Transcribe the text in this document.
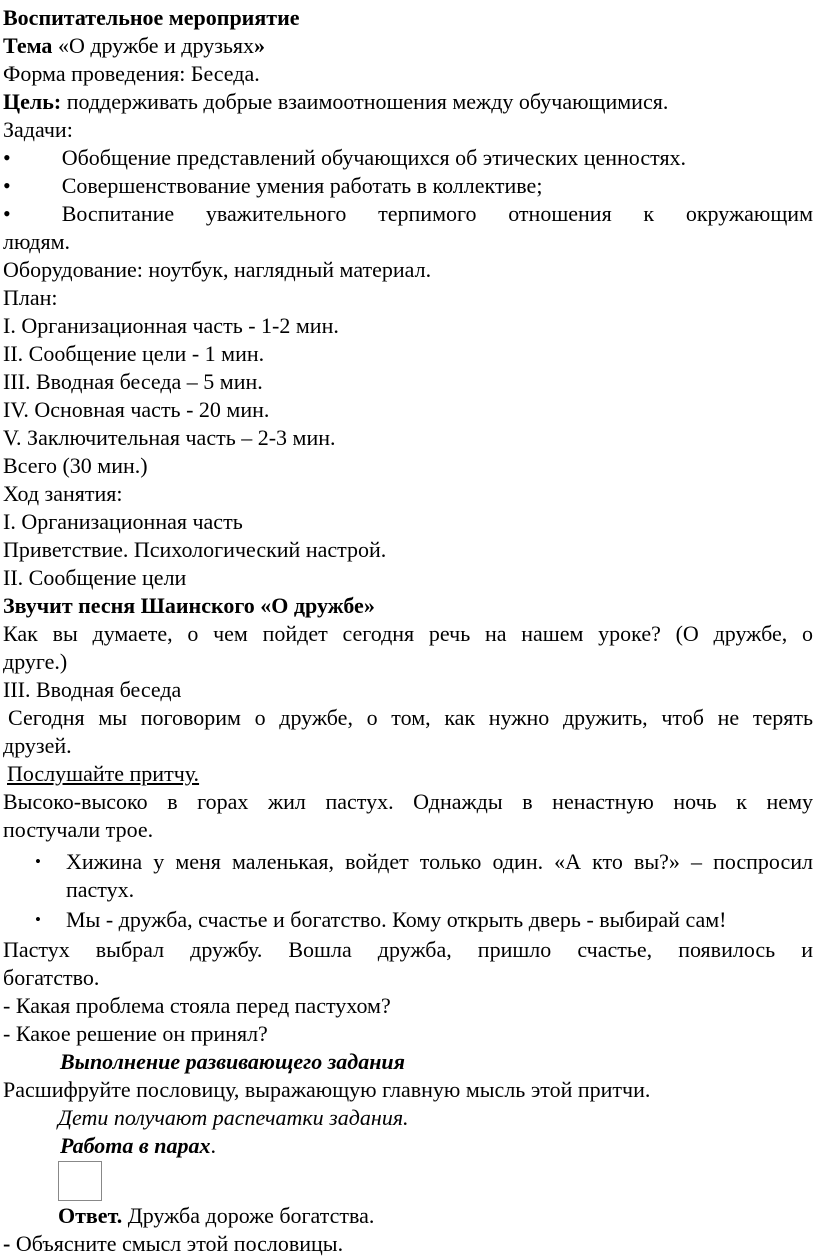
Воспитательное мероприятие
Тема «О дружбе и друзьях»
Форма проведения: Беседа.
Цель: поддерживать добрые взаимоотношения между обучающимися.
Задачи:
• Обобщение представлений обучающихся об этических ценностях.
• Совершенствование умения работать в коллективе;
• Воспитание уважительного терпимого отношения к окружающим
людям.
Оборудование: ноутбук, наглядный материал.
План:
I. Организационная часть - 1-2 мин.
II. Сообщение цели - 1 мин.
III. Вводная беседа – 5 мин.
IV. Основная часть - 20 мин.
V. Заключительная часть – 2-3 мин.
Всего (30 мин.)
Ход занятия:
I. Организационная часть
Приветствие. Психологический настрой.
II. Сообщение цели
Звучит песня Шаинского «О дружбе»
Как вы думаете, о чем пойдет сегодня речь на нашем уроке? (О дружбе, о
друге.)
III. Вводная беседа
Сегодня мы поговорим о дружбе, о том, как нужно дружить, чтоб не терять
друзей.
Послушайте притчу.
Высоко-высоко в горах жил пастух. Однажды в ненастную ночь к нему
постучали трое.
• Хижина у меня маленькая, войдет только один. «А кто вы?» – поспросил
пастух.
• Мы - дружба, счастье и богатство. Кому открыть дверь - выбирай сам!
Пастух выбрал дружбу. Вошла дружба, пришло счастье, появилось и
богатство.
- Какая проблема стояла перед пастухом?
- Какое решение он принял?
Выполнение развивающего задания
Расшифруйте пословицу, выражающую главную мысль этой притчи.
Дети получают распечатки задания.
Работа в парах.
Ответ. Дружба дороже богатства.
- Объясните смысл этой пословицы.
